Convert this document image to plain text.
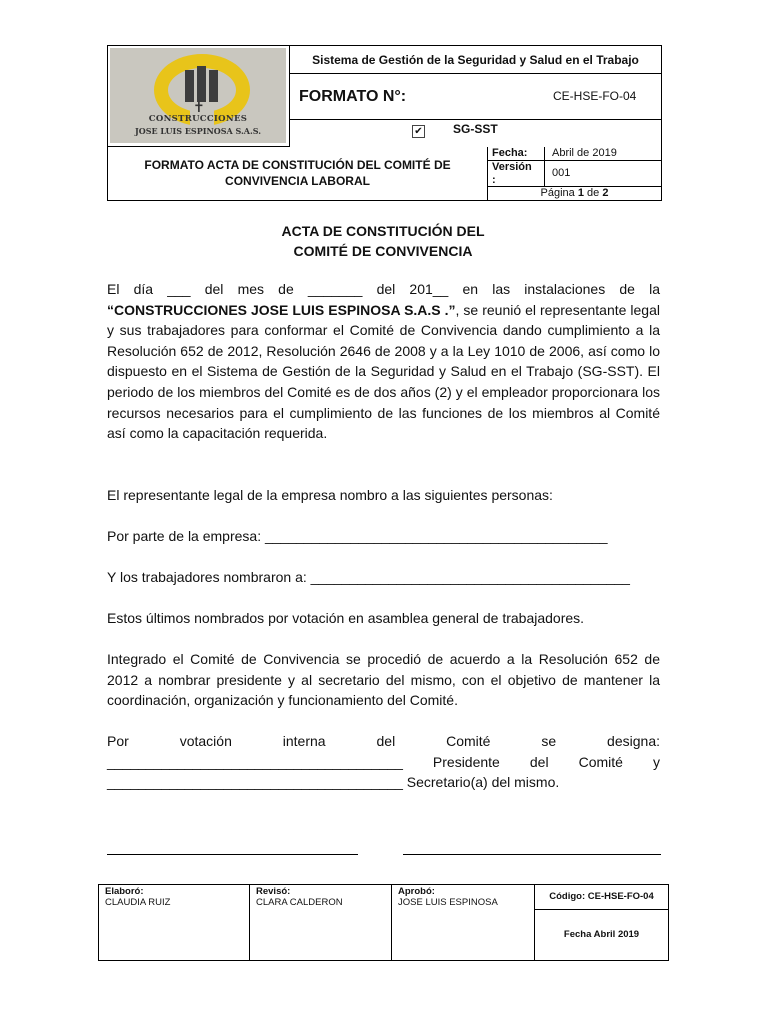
✝
CONSTRUCCIONES
JOSE LUIS ESPINOSA S.A.S.
Sistema de Gestión de la Seguridad y Salud en el Trabajo
FORMATO N°:	CE-HSE-FO-04
✔	SG-SST
FORMATO ACTA DE CONSTITUCIÓN DEL COMITÉ DE
CONVIVENCIA LABORAL
Fecha: Abril de 2019
Versión :
001
Página 1 de 2
ACTA DE CONSTITUCIÓN DEL
COMITÉ DE CONVIVENCIA

El día ___ del mes de _______ del 201__ en las instalaciones de la “CONSTRUCCIONES JOSE LUIS ESPINOSA S.A.S .”, se reunió el representante legal y sus trabajadores para conformar el Comité de Convivencia dando cumplimiento a la Resolución 652 de 2012, Resolución 2646 de 2008 y a la Ley 1010 de 2006, así como lo dispuesto en el Sistema de Gestión de la Seguridad y Salud en el Trabajo (SG-SST). El periodo de los miembros del Comité es de dos años (2) y el empleador proporcionara los recursos necesarios para el cumplimiento de las funciones de los miembros al Comité así como la capacitación requerida.

El representante legal de la empresa nombro a las siguientes personas:
Por parte de la empresa: ____________________________________________
Y los trabajadores nombraron a: _________________________________________
Estos últimos nombrados por votación en asamblea general de trabajadores.
Integrado el Comité de Convivencia se procedió de acuerdo a la Resolución 652 de 2012 a nombrar presidente y al secretario del mismo, con el objetivo de mantener la coordinación, organización y funcionamiento del Comité.
Por votación interna del Comité se designa:
______________________________________ Presidente del Comité y
______________________________________ Secretario(a) del mismo.
Elaboró:
CLAUDIA RUIZ
Revisó:
CLARA CALDERON
Aprobó:
JOSE LUIS ESPINOSA
Código: CE-HSE-FO-04
Fecha Abril 2019
